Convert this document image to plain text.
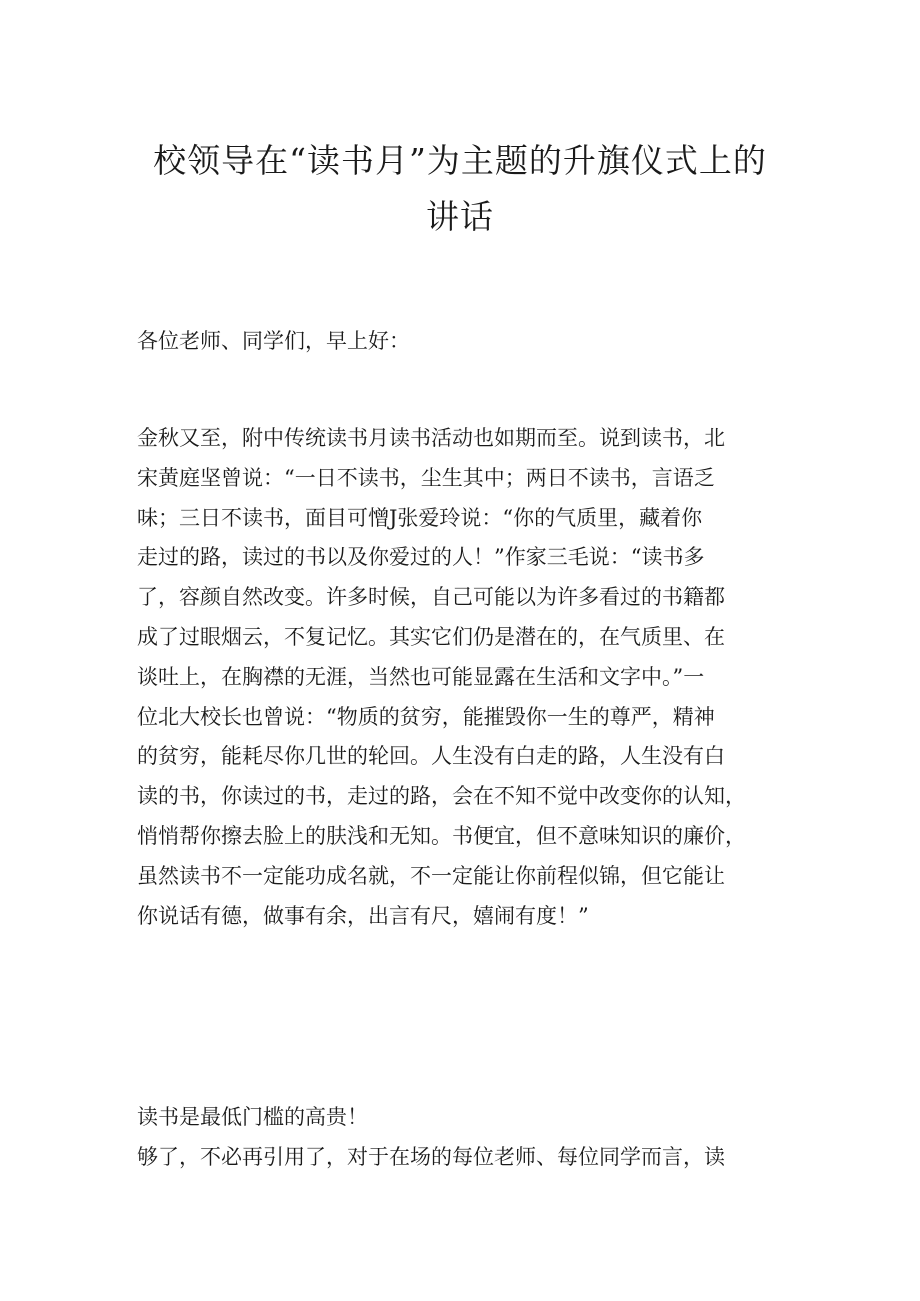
校领导在“读书月”为主题的升旗仪式上的
讲话

各位老师、同学们，早上好：

金秋又至，附中传统读书月读书活动也如期而至。说到读书，北
宋黄庭坚曾说：“一日不读书，尘生其中；两日不读书，言语乏
味；三日不读书，面目可憎J张爱玲说：“你的气质里，藏着你
走过的路，读过的书以及你爱过的人！”作家三毛说：“读书多
了，容颜自然改变。许多时候，自己可能以为许多看过的书籍都
成了过眼烟云，不复记忆。其实它们仍是潜在的，在气质里、在
谈吐上，在胸襟的无涯，当然也可能显露在生活和文字中。”一
位北大校长也曾说：“物质的贫穷，能摧毁你一生的尊严，精神
的贫穷，能耗尽你几世的轮回。人生没有白走的路，人生没有白
读的书，你读过的书，走过的路，会在不知不觉中改变你的认知，
悄悄帮你擦去脸上的肤浅和无知。书便宜，但不意味知识的廉价，
虽然读书不一定能功成名就，不一定能让你前程似锦，但它能让
你说话有德，做事有余，出言有尺，嬉闹有度！”
读书是最低门槛的高贵！
够了，不必再引用了，对于在场的每位老师、每位同学而言，读
